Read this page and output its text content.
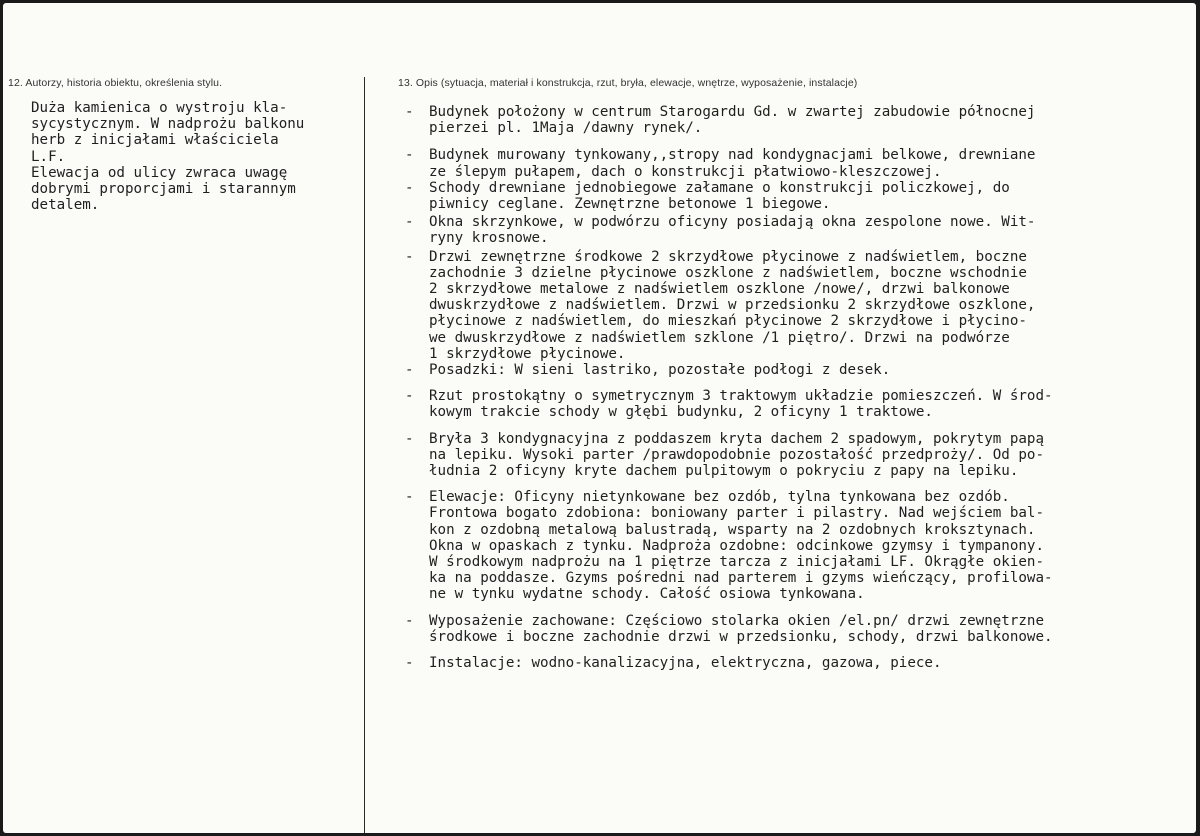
12. Autorzy, historia obiektu, określenia stylu.	13. Opis (sytuacja, materiał i konstrukcja, rzut, bryła, elewacje, wnętrze, wyposażenie, instalacje)
Duża kamienica o wystroju kla-
sycystycznym. W nadprożu balkonu
herb z inicjałami właściciela
L.F.
Elewacja od ulicy zwraca uwagę
dobrymi proporcjami i starannym
detalem.
-	Budynek położony w centrum Starogardu Gd. w zwartej zabudowie północnej
pierzei pl. 1Maja /dawny rynek/.
-	Budynek murowany tynkowany,,stropy nad kondygnacjami belkowe, drewniane
ze ślepym pułapem, dach o konstrukcji płatwiowo-kleszczowej.
-	Schody drewniane jednobiegowe załamane o konstrukcji policzkowej, do
piwnicy ceglane. Zewnętrzne betonowe 1 biegowe.
-	Okna skrzynkowe, w podwórzu oficyny posiadają okna zespolone nowe. Wit-
ryny krosnowe.
-	Drzwi zewnętrzne środkowe 2 skrzydłowe płycinowe z nadświetlem, boczne
zachodnie 3 dzielne płycinowe oszklone z nadświetlem, boczne wschodnie
2 skrzydłowe metalowe z nadświetlem oszklone /nowe/, drzwi balkonowe
dwuskrzydłowe z nadświetlem. Drzwi w przedsionku 2 skrzydłowe oszklone,
płycinowe z nadświetlem, do mieszkań płycinowe 2 skrzydłowe i płycino-
we dwuskrzydłowe z nadświetlem szklone /1 piętro/. Drzwi na podwórze
1 skrzydłowe płycinowe.
-	Posadzki: W sieni lastriko, pozostałe podłogi z desek.
-	Rzut prostokątny o symetrycznym 3 traktowym układzie pomieszczeń. W środ-
kowym trakcie schody w głębi budynku, 2 oficyny 1 traktowe.
-	Bryła 3 kondygnacyjna z poddaszem kryta dachem 2 spadowym, pokrytym papą
na lepiku. Wysoki parter /prawdopodobnie pozostałość przedproży/. Od po-
łudnia 2 oficyny kryte dachem pulpitowym o pokryciu z papy na lepiku.
-	Elewacje: Oficyny nietynkowane bez ozdób, tylna tynkowana bez ozdób.
Frontowa bogato zdobiona: boniowany parter i pilastry. Nad wejściem bal-
kon z ozdobną metalową balustradą, wsparty na 2 ozdobnych kroksztynach.
Okna w opaskach z tynku. Nadproża ozdobne: odcinkowe gzymsy i tympanony.
W środkowym nadprożu na 1 piętrze tarcza z inicjałami LF. Okrągłe okien-
ka na poddasze. Gzyms pośredni nad parterem i gzyms wieńczący, profilowa-
ne w tynku wydatne schody. Całość osiowa tynkowana.
-	Wyposażenie zachowane: Częściowo stolarka okien /el.pn/ drzwi zewnętrzne
środkowe i boczne zachodnie drzwi w przedsionku, schody, drzwi balkonowe.
-	Instalacje: wodno-kanalizacyjna, elektryczna, gazowa, piece.
